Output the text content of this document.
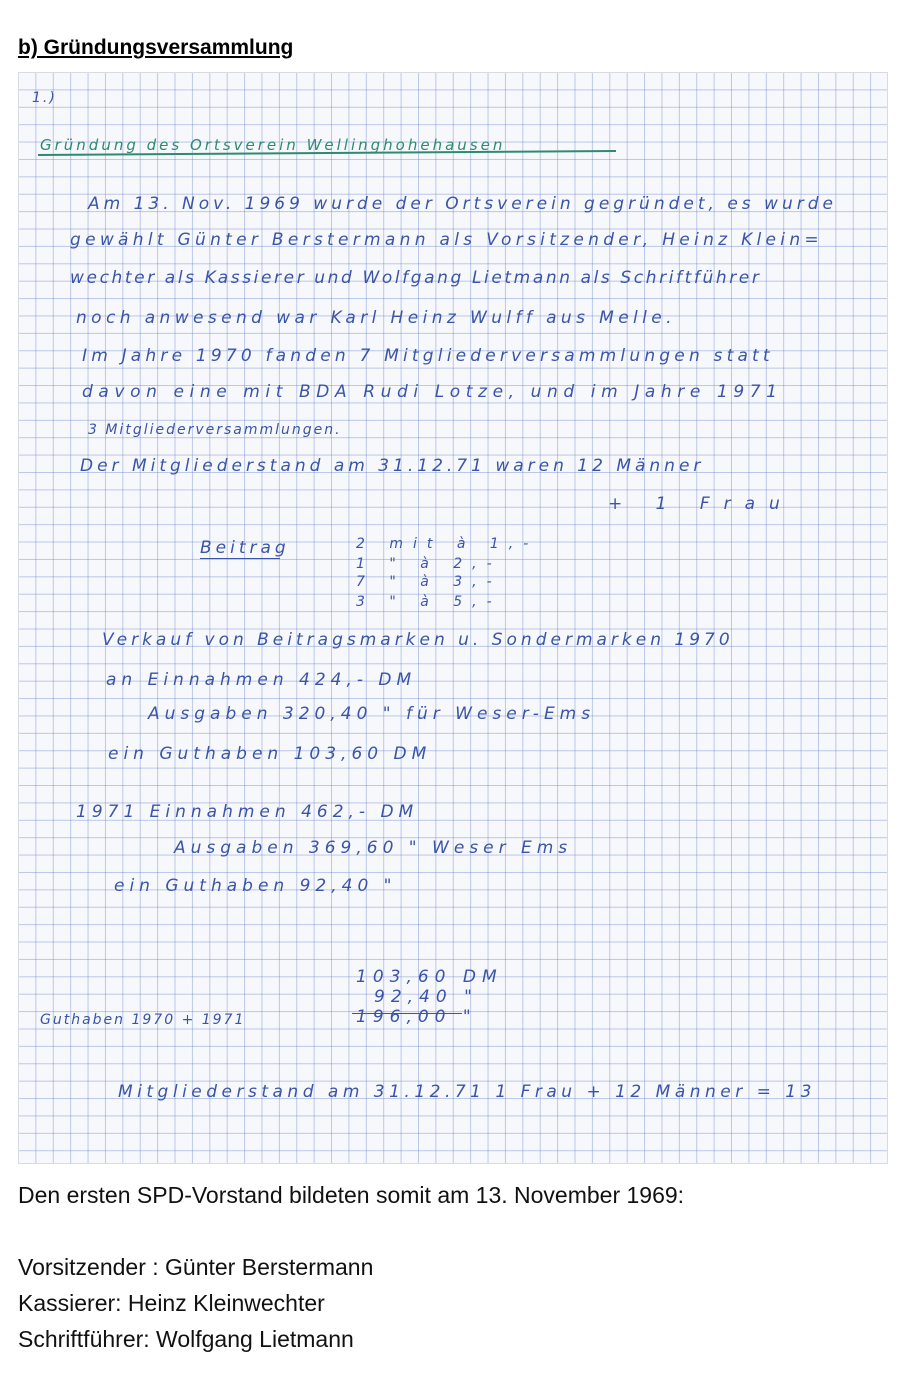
b) Gründungsversammlung
1.)
Gründung des Ortsverein Wellinghohehausen
Am 13. Nov. 1969 wurde der Ortsverein gegründet, es wurde
gewählt Günter Berstermann als Vorsitzender, Heinz Klein=
wechter als Kassierer und Wolfgang Lietmann als Schriftführer
noch anwesend war Karl Heinz Wulff aus Melle.
Im Jahre 1970 fanden 7 Mitgliederversammlungen statt
davon eine mit BDA Rudi Lotze, und im Jahre 1971
3 Mitgliederversammlungen.
Der Mitgliederstand am 31.12.71 waren 12 Männer
+ 1 Frau
Beitrag	2 mit à 1,-
1 " à 2,-
7 " à 3,-
3 " à 5,-
Verkauf von Beitragsmarken u. Sondermarken 1970
an Einnahmen 424,- DM
Ausgaben 320,40 " für Weser-Ems
ein Guthaben 103,60 DM
1971 Einnahmen 462,- DM
Ausgaben 369,60 " Weser Ems
ein Guthaben 92,40 "
103,60 DM
92,40 "
196,00 "
Guthaben 1970 + 1971
Mitgliederstand am 31.12.71 1 Frau + 12 Männer = 13
Den ersten SPD-Vorstand bildeten somit am 13. November 1969:
Vorsitzender : Günter Berstermann
Kassierer: Heinz Kleinwechter
Schriftführer: Wolfgang Lietmann
